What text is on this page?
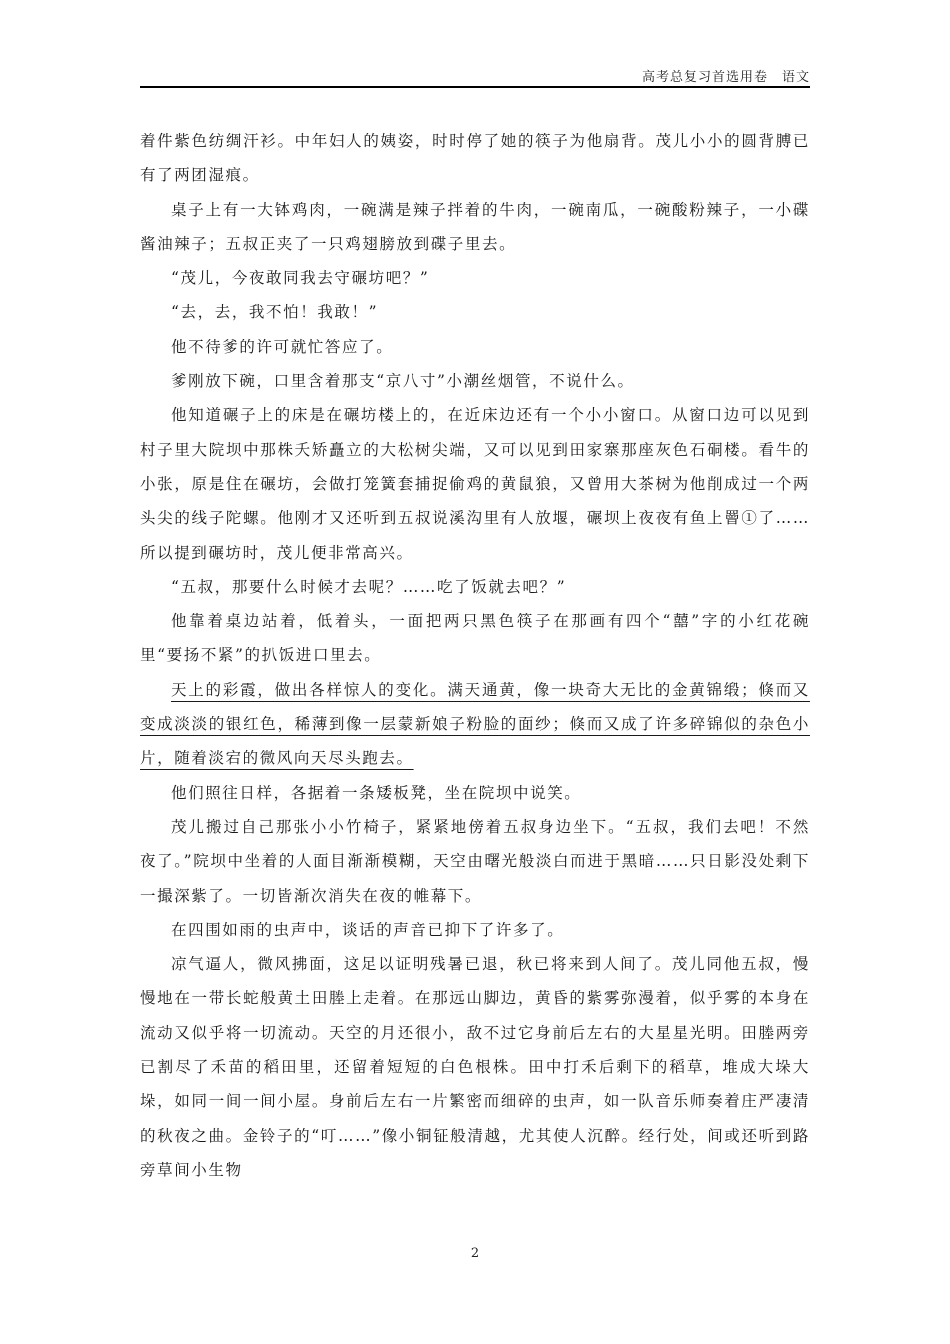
高考总复习首选用卷　语文

着件紫色纺绸汗衫。中年妇人的姨姿，时时停了她的筷子为他扇背。茂儿小小的圆背膊已有了两团湿痕。

桌子上有一大钵鸡肉，一碗满是辣子拌着的牛肉，一碗南瓜，一碗酸粉辣子，一小碟酱油辣子；五叔正夹了一只鸡翅膀放到碟子里去。

“茂儿，今夜敢同我去守碾坊吧？”

“去，去，我不怕！我敢！”

他不待爹的许可就忙答应了。

爹刚放下碗，口里含着那支“京八寸”小潮丝烟管，不说什么。

他知道碾子上的床是在碾坊楼上的，在近床边还有一个小小窗口。从窗口边可以见到村子里大院坝中那株夭矫矗立的大松树尖端，又可以见到田家寨那座灰色石硐楼。看牛的小张，原是住在碾坊，会做打笼簧套捕捉偷鸡的黄鼠狼，又曾用大茶树为他削成过一个两头尖的线子陀螺。他刚才又还听到五叔说溪沟里有人放堰，碾坝上夜夜有鱼上罾①了……所以提到碾坊时，茂儿便非常高兴。

“五叔，那要什么时候才去呢？……吃了饭就去吧？”

他靠着桌边站着，低着头，一面把两只黑色筷子在那画有四个“囍”字的小红花碗里“要扬不紧”的扒饭进口里去。

天上的彩霞，做出各样惊人的变化。满天通黄，像一块奇大无比的金黄锦缎；倏而又变成淡淡的银红色，稀薄到像一层蒙新娘子粉脸的面纱；倏而又成了许多碎锦似的杂色小片，随着淡宕的微风向天尽头跑去。

他们照往日样，各据着一条矮板凳，坐在院坝中说笑。

茂儿搬过自己那张小小竹椅子，紧紧地傍着五叔身边坐下。“五叔，我们去吧！不然夜了。”院坝中坐着的人面目渐渐模糊，天空由曙光般淡白而进于黑暗……只日影没处剩下一撮深紫了。一切皆渐次消失在夜的帷幕下。

在四围如雨的虫声中，谈话的声音已抑下了许多了。

凉气逼人，微风拂面，这足以证明残暑已退，秋已将来到人间了。茂儿同他五叔，慢慢地在一带长蛇般黄土田塍上走着。在那远山脚边，黄昏的紫雾弥漫着，似乎雾的本身在流动又似乎将一切流动。天空的月还很小，敌不过它身前后左右的大星星光明。田塍两旁已割尽了禾苗的稻田里，还留着短短的白色根株。田中打禾后剩下的稻草，堆成大垛大垛，如同一间一间小屋。身前后左右一片繁密而细碎的虫声，如一队音乐师奏着庄严凄清的秋夜之曲。金铃子的“叮……”像小铜钲般清越，尤其使人沉醉。经行处，间或还听到路旁草间小生物

2
